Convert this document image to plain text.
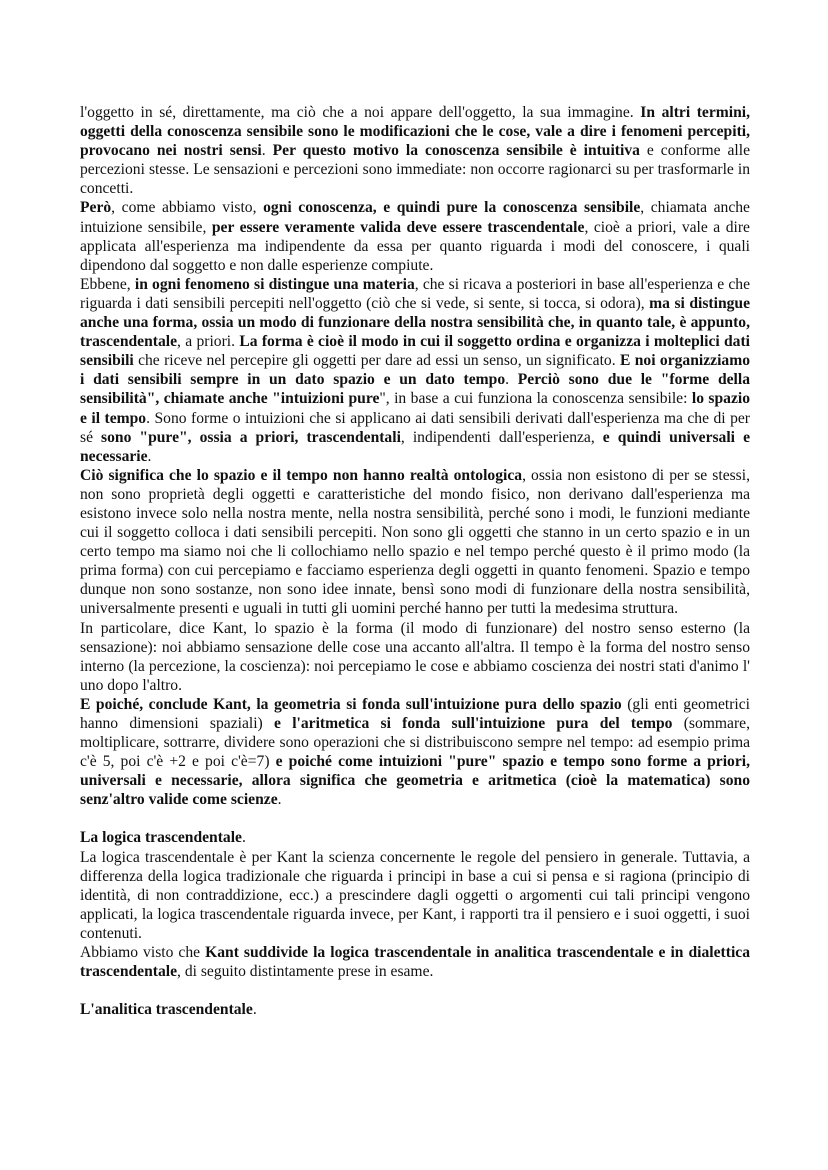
l'oggetto in sé, direttamente, ma ciò che a noi appare dell'oggetto, la sua immagine. In altri termini, oggetti della conoscenza sensibile sono le modificazioni che le cose, vale a dire i fenomeni percepiti, provocano nei nostri sensi. Per questo motivo la conoscenza sensibile è intuitiva e conforme alle percezioni stesse. Le sensazioni e percezioni sono immediate: non occorre ragionarci su per trasformarle in concetti.

Però, come abbiamo visto, ogni conoscenza, e quindi pure la conoscenza sensibile, chiamata anche intuizione sensibile, per essere veramente valida deve essere trascendentale, cioè a priori, vale a dire applicata all'esperienza ma indipendente da essa per quanto riguarda i modi del conoscere, i quali dipendono dal soggetto e non dalle esperienze compiute.

Ebbene, in ogni fenomeno si distingue una materia, che si ricava a posteriori in base all'esperienza e che riguarda i dati sensibili percepiti nell'oggetto (ciò che si vede, si sente, si tocca, si odora), ma si distingue anche una forma, ossia un modo di funzionare della nostra sensibilità che, in quanto tale, è appunto, trascendentale, a priori. La forma è cioè il modo in cui il soggetto ordina e organizza i molteplici dati sensibili che riceve nel percepire gli oggetti per dare ad essi un senso, un significato. E noi organizziamo i dati sensibili sempre in un dato spazio e un dato tempo. Perciò sono due le "forme della sensibilità", chiamate anche "intuizioni pure", in base a cui funziona la conoscenza sensibile: lo spazio e il tempo. Sono forme o intuizioni che si applicano ai dati sensibili derivati dall'esperienza ma che di per sé sono "pure", ossia a priori, trascendentali, indipendenti dall'esperienza, e quindi universali e necessarie.

Ciò significa che lo spazio e il tempo non hanno realtà ontologica, ossia non esistono di per se stessi, non sono proprietà degli oggetti e caratteristiche del mondo fisico, non derivano dall'esperienza ma esistono invece solo nella nostra mente, nella nostra sensibilità, perché sono i modi, le funzioni mediante cui il soggetto colloca i dati sensibili percepiti. Non sono gli oggetti che stanno in un certo spazio e in un certo tempo ma siamo noi che li collochiamo nello spazio e nel tempo perché questo è il primo modo (la prima forma) con cui percepiamo e facciamo esperienza degli oggetti in quanto fenomeni. Spazio e tempo dunque non sono sostanze, non sono idee innate, bensì sono modi di funzionare della nostra sensibilità, universalmente presenti e uguali in tutti gli uomini perché hanno per tutti la medesima struttura.

In particolare, dice Kant, lo spazio è la forma (il modo di funzionare) del nostro senso esterno (la sensazione): noi abbiamo sensazione delle cose una accanto all'altra. Il tempo è la forma del nostro senso interno (la percezione, la coscienza): noi percepiamo le cose e abbiamo coscienza dei nostri stati d'animo l' uno dopo l'altro.

E poiché, conclude Kant, la geometria si fonda sull'intuizione pura dello spazio (gli enti geometrici hanno dimensioni spaziali) e l'aritmetica si fonda sull'intuizione pura del tempo (sommare, moltiplicare, sottrarre, dividere sono operazioni che si distribuiscono sempre nel tempo: ad esempio prima c'è 5, poi c'è +2 e poi c'è=7) e poiché come intuizioni "pure" spazio e tempo sono forme a priori, universali e necessarie, allora significa che geometria e aritmetica (cioè la matematica) sono senz'altro valide come scienze.

La logica trascendentale.

La logica trascendentale è per Kant la scienza concernente le regole del pensiero in generale. Tuttavia, a differenza della logica tradizionale che riguarda i principi in base a cui si pensa e si ragiona (principio di identità, di non contraddizione, ecc.) a prescindere dagli oggetti o argomenti cui tali principi vengono applicati, la logica trascendentale riguarda invece, per Kant, i rapporti tra il pensiero e i suoi oggetti, i suoi contenuti.

Abbiamo visto che Kant suddivide la logica trascendentale in analitica trascendentale e in dialettica trascendentale, di seguito distintamente prese in esame.

L'analitica trascendentale.
